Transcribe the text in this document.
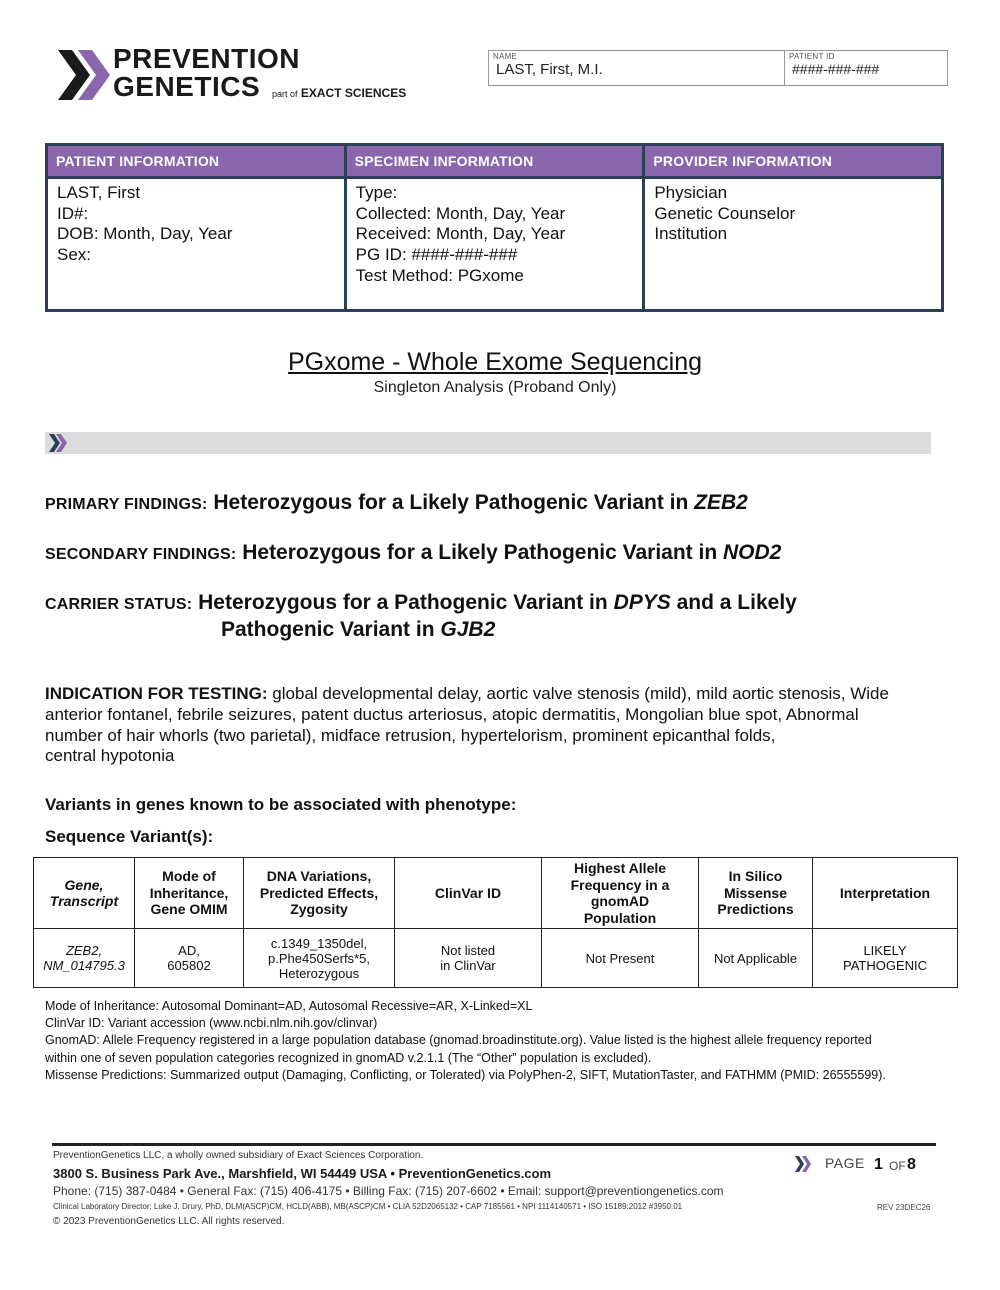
PREVENTION
GENETICS part of EXACT SCIENCES
NAME
LAST, First, M.I.
PATIENT ID
####-###-###
PATIENT INFORMATION
LAST, First
ID#:
DOB: Month, Day, Year
Sex:
SPECIMEN INFORMATION
Type:
Collected: Month, Day, Year
Received: Month, Day, Year
PG ID: ####-###-###
Test Method: PGxome
PROVIDER INFORMATION
Physician
Genetic Counselor
Institution
PGxome - Whole Exome Sequencing
Singleton Analysis (Proband Only)
PRIMARY FINDINGS: Heterozygous for a Likely Pathogenic Variant in ZEB2
SECONDARY FINDINGS: Heterozygous for a Likely Pathogenic Variant in NOD2
CARRIER STATUS: Heterozygous for a Pathogenic Variant in DPYS and a Likely
Pathogenic Variant in GJB2
INDICATION FOR TESTING: global developmental delay, aortic valve stenosis (mild), mild aortic stenosis, Wide
anterior fontanel, febrile seizures, patent ductus arteriosus, atopic dermatitis, Mongolian blue spot, Abnormal
number of hair whorls (two parietal), midface retrusion, hypertelorism, prominent epicanthal folds,
central hypotonia
Variants in genes known to be associated with phenotype:
Sequence Variant(s):
Gene,
Transcript	Mode of
Inheritance,
Gene OMIM	DNA Variations,
Predicted Effects,
Zygosity	ClinVar ID	Highest Allele
Frequency in a
gnomAD
Population	In Silico
Missense
Predictions	Interpretation
ZEB2,
NM_014795.3	AD,
605802	c.1349_1350del,
p.Phe450Serfs*5,
Heterozygous	Not listed
in ClinVar	Not Present	Not Applicable	LIKELY
PATHOGENIC
Mode of Inheritance: Autosomal Dominant=AD, Autosomal Recessive=AR, X-Linked=XL
ClinVar ID: Variant accession (www.ncbi.nlm.nih.gov/clinvar)
GnomAD: Allele Frequency registered in a large population database (gnomad.broadinstitute.org). Value listed is the highest allele frequency reported
within one of seven population categories recognized in gnomAD v.2.1.1 (The “Other” population is excluded).
Missense Predictions: Summarized output (Damaging, Conflicting, or Tolerated) via PolyPhen-2, SIFT, MutationTaster, and FATHMM (PMID: 26555599).
PreventionGenetics LLC, a wholly owned subsidiary of Exact Sciences Corporation.
3800 S. Business Park Ave., Marshfield, WI 54449 USA • PreventionGenetics.com
Phone: (715) 387-0484 • General Fax: (715) 406-4175 • Billing Fax: (715) 207-6602 • Email: support@preventiongenetics.com
Clinical Laboratory Director: Luke J. Drury, PhD, DLM(ASCP)CM, HCLD(ABB), MB(ASCP)CM • CLIA 52D2065132 • CAP 7185561 • NPI 1114140571 • ISO 15189:2012 #3950.01
© 2023 PreventionGenetics LLC. All rights reserved.
PAGE 1 OF 8
REV 23DEC26
